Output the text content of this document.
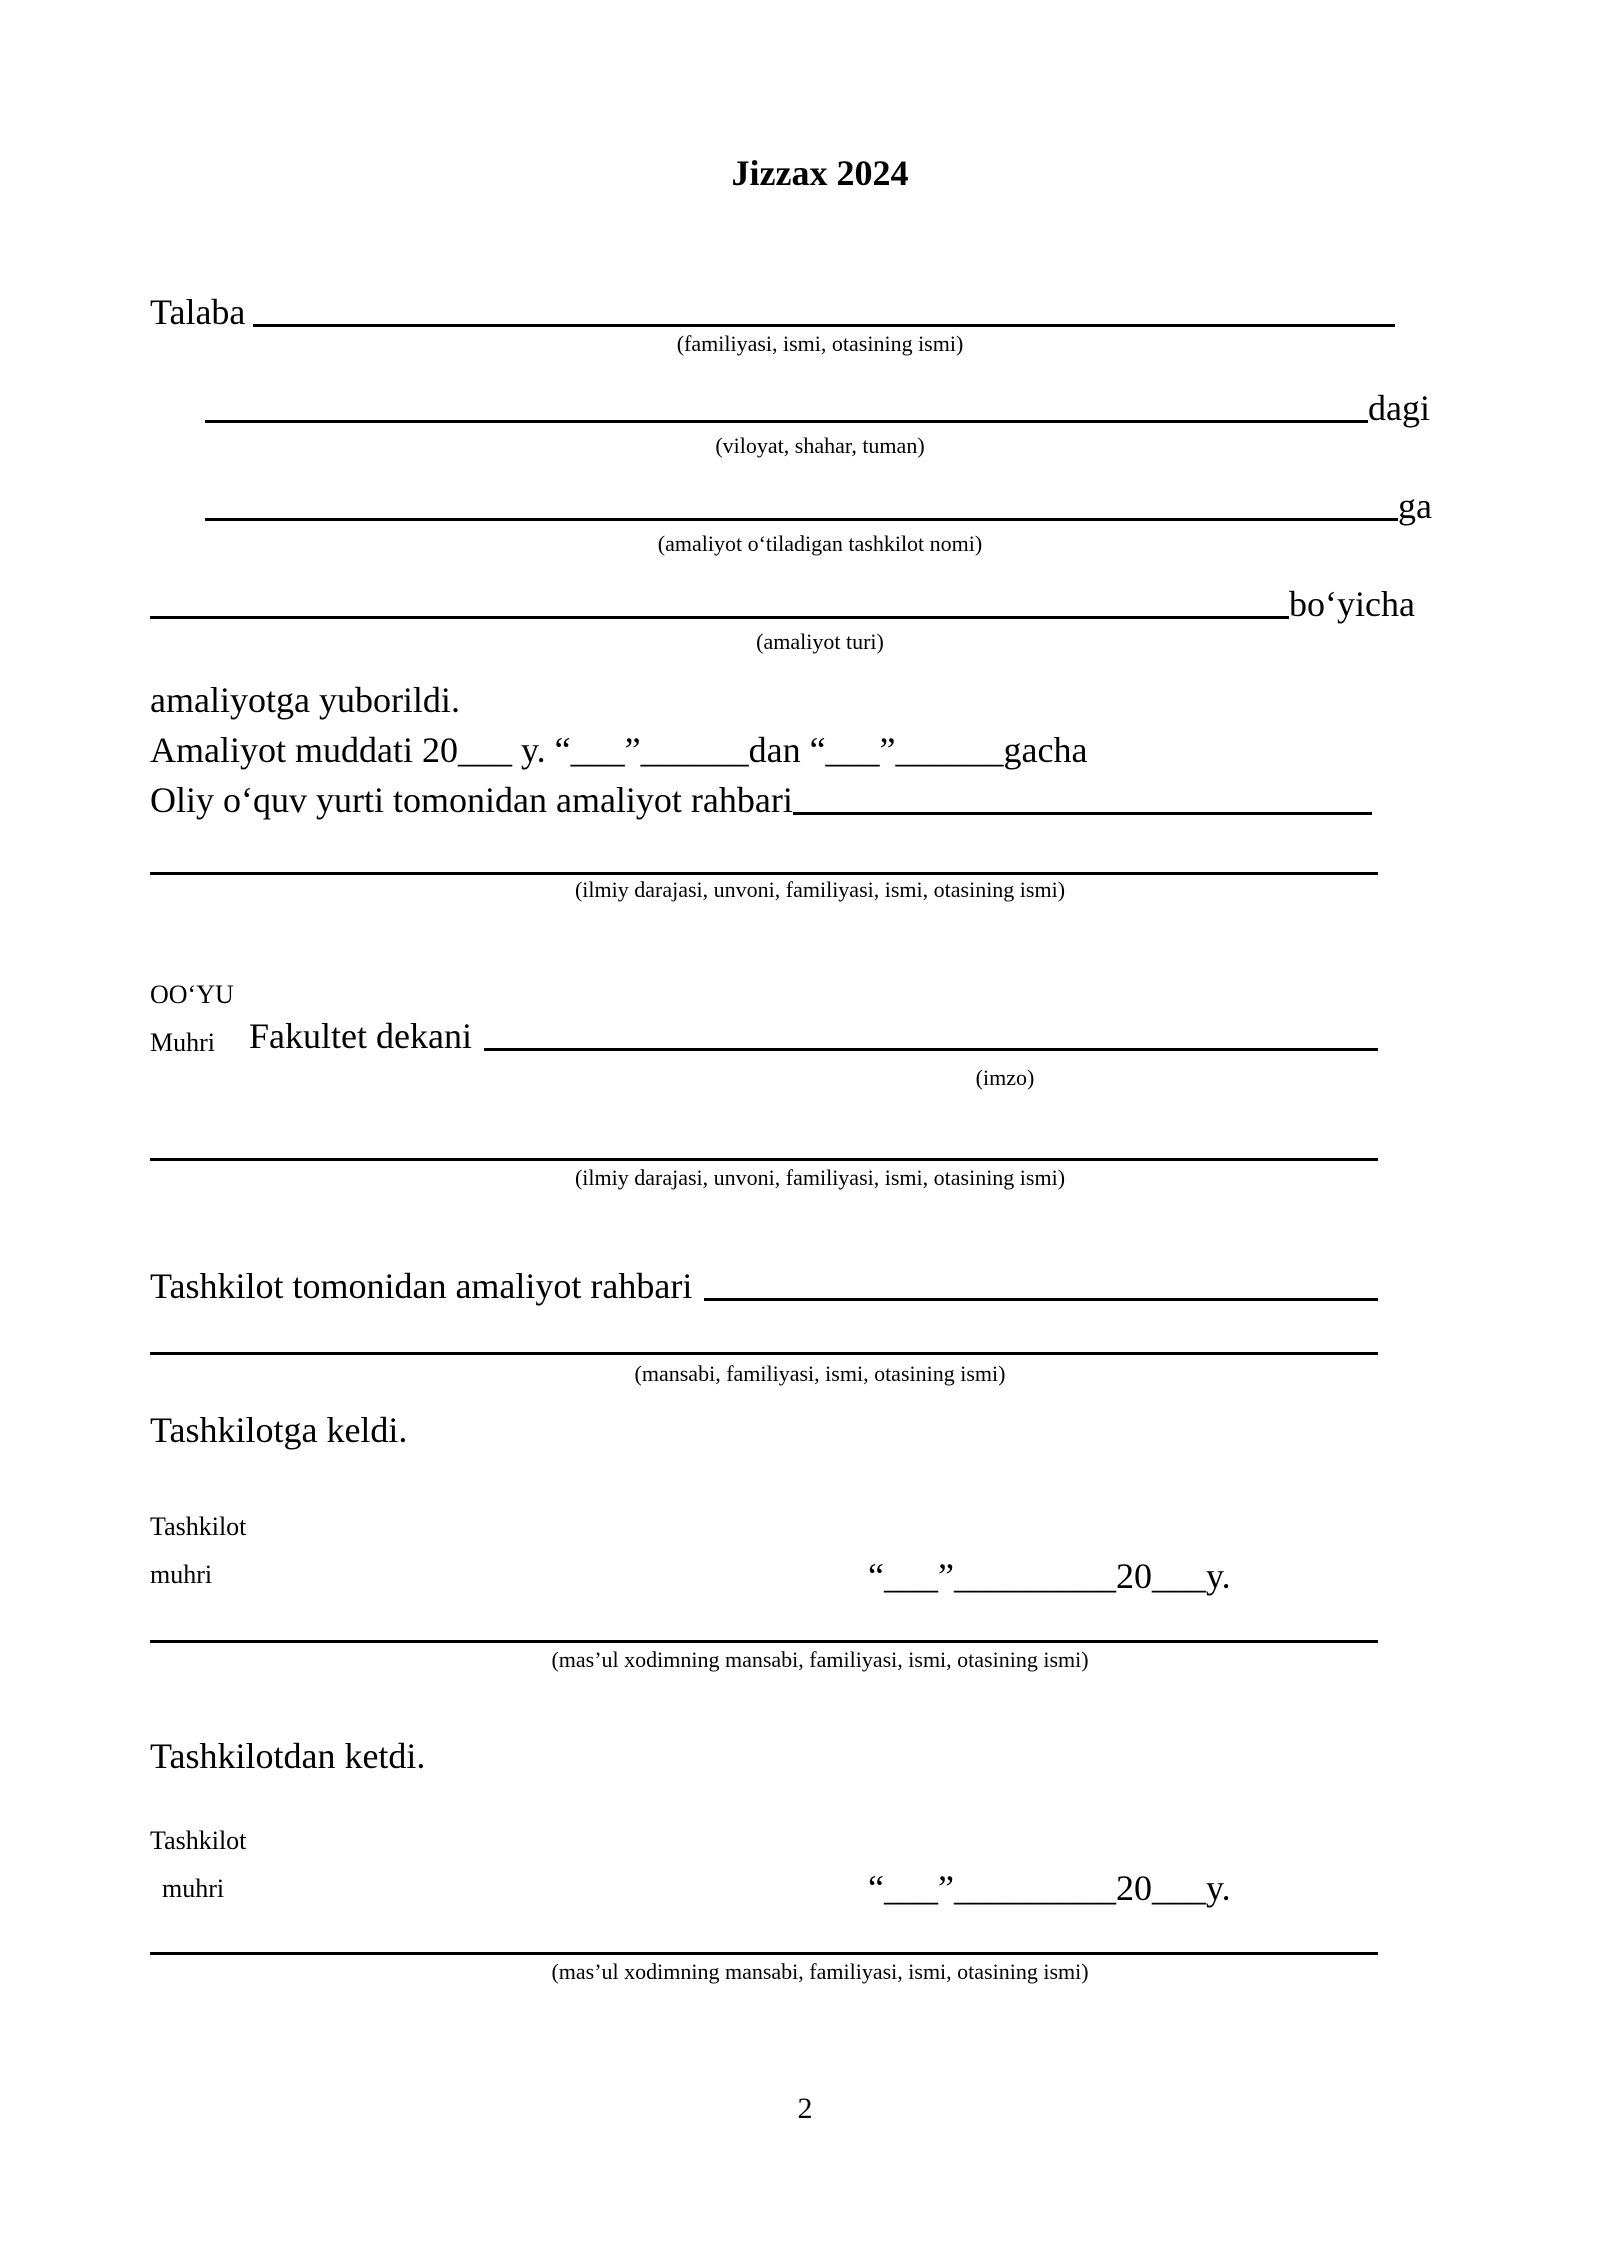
Jizzax 2024
Talaba
(familiyasi, ismi, otasining ismi)
dagi
(viloyat, shahar, tuman)
ga
(amaliyot o‘tiladigan tashkilot nomi)
bo‘yicha
(amaliyot turi)
amaliyotga yuborildi.
Amaliyot muddati 20___ y. “___”______dan “___”______gacha
Oliy o‘quv yurti tomonidan amaliyot rahbari
(ilmiy darajasi, unvoni, familiyasi, ismi, otasining ismi)
OO‘YU
Muhri Fakultet dekani
(imzo)
(ilmiy darajasi, unvoni, familiyasi, ismi, otasining ismi)
Tashkilot tomonidan amaliyot rahbari
(mansabi, familiyasi, ismi, otasining ismi)
Tashkilotga keldi.
Tashkilot
muhri	“___”_________20___y.
(mas’ul xodimning mansabi, familiyasi, ismi, otasining ismi)
Tashkilotdan ketdi.
Tashkilot
muhri	“___”_________20___y.
(mas’ul xodimning mansabi, familiyasi, ismi, otasining ismi)
2
